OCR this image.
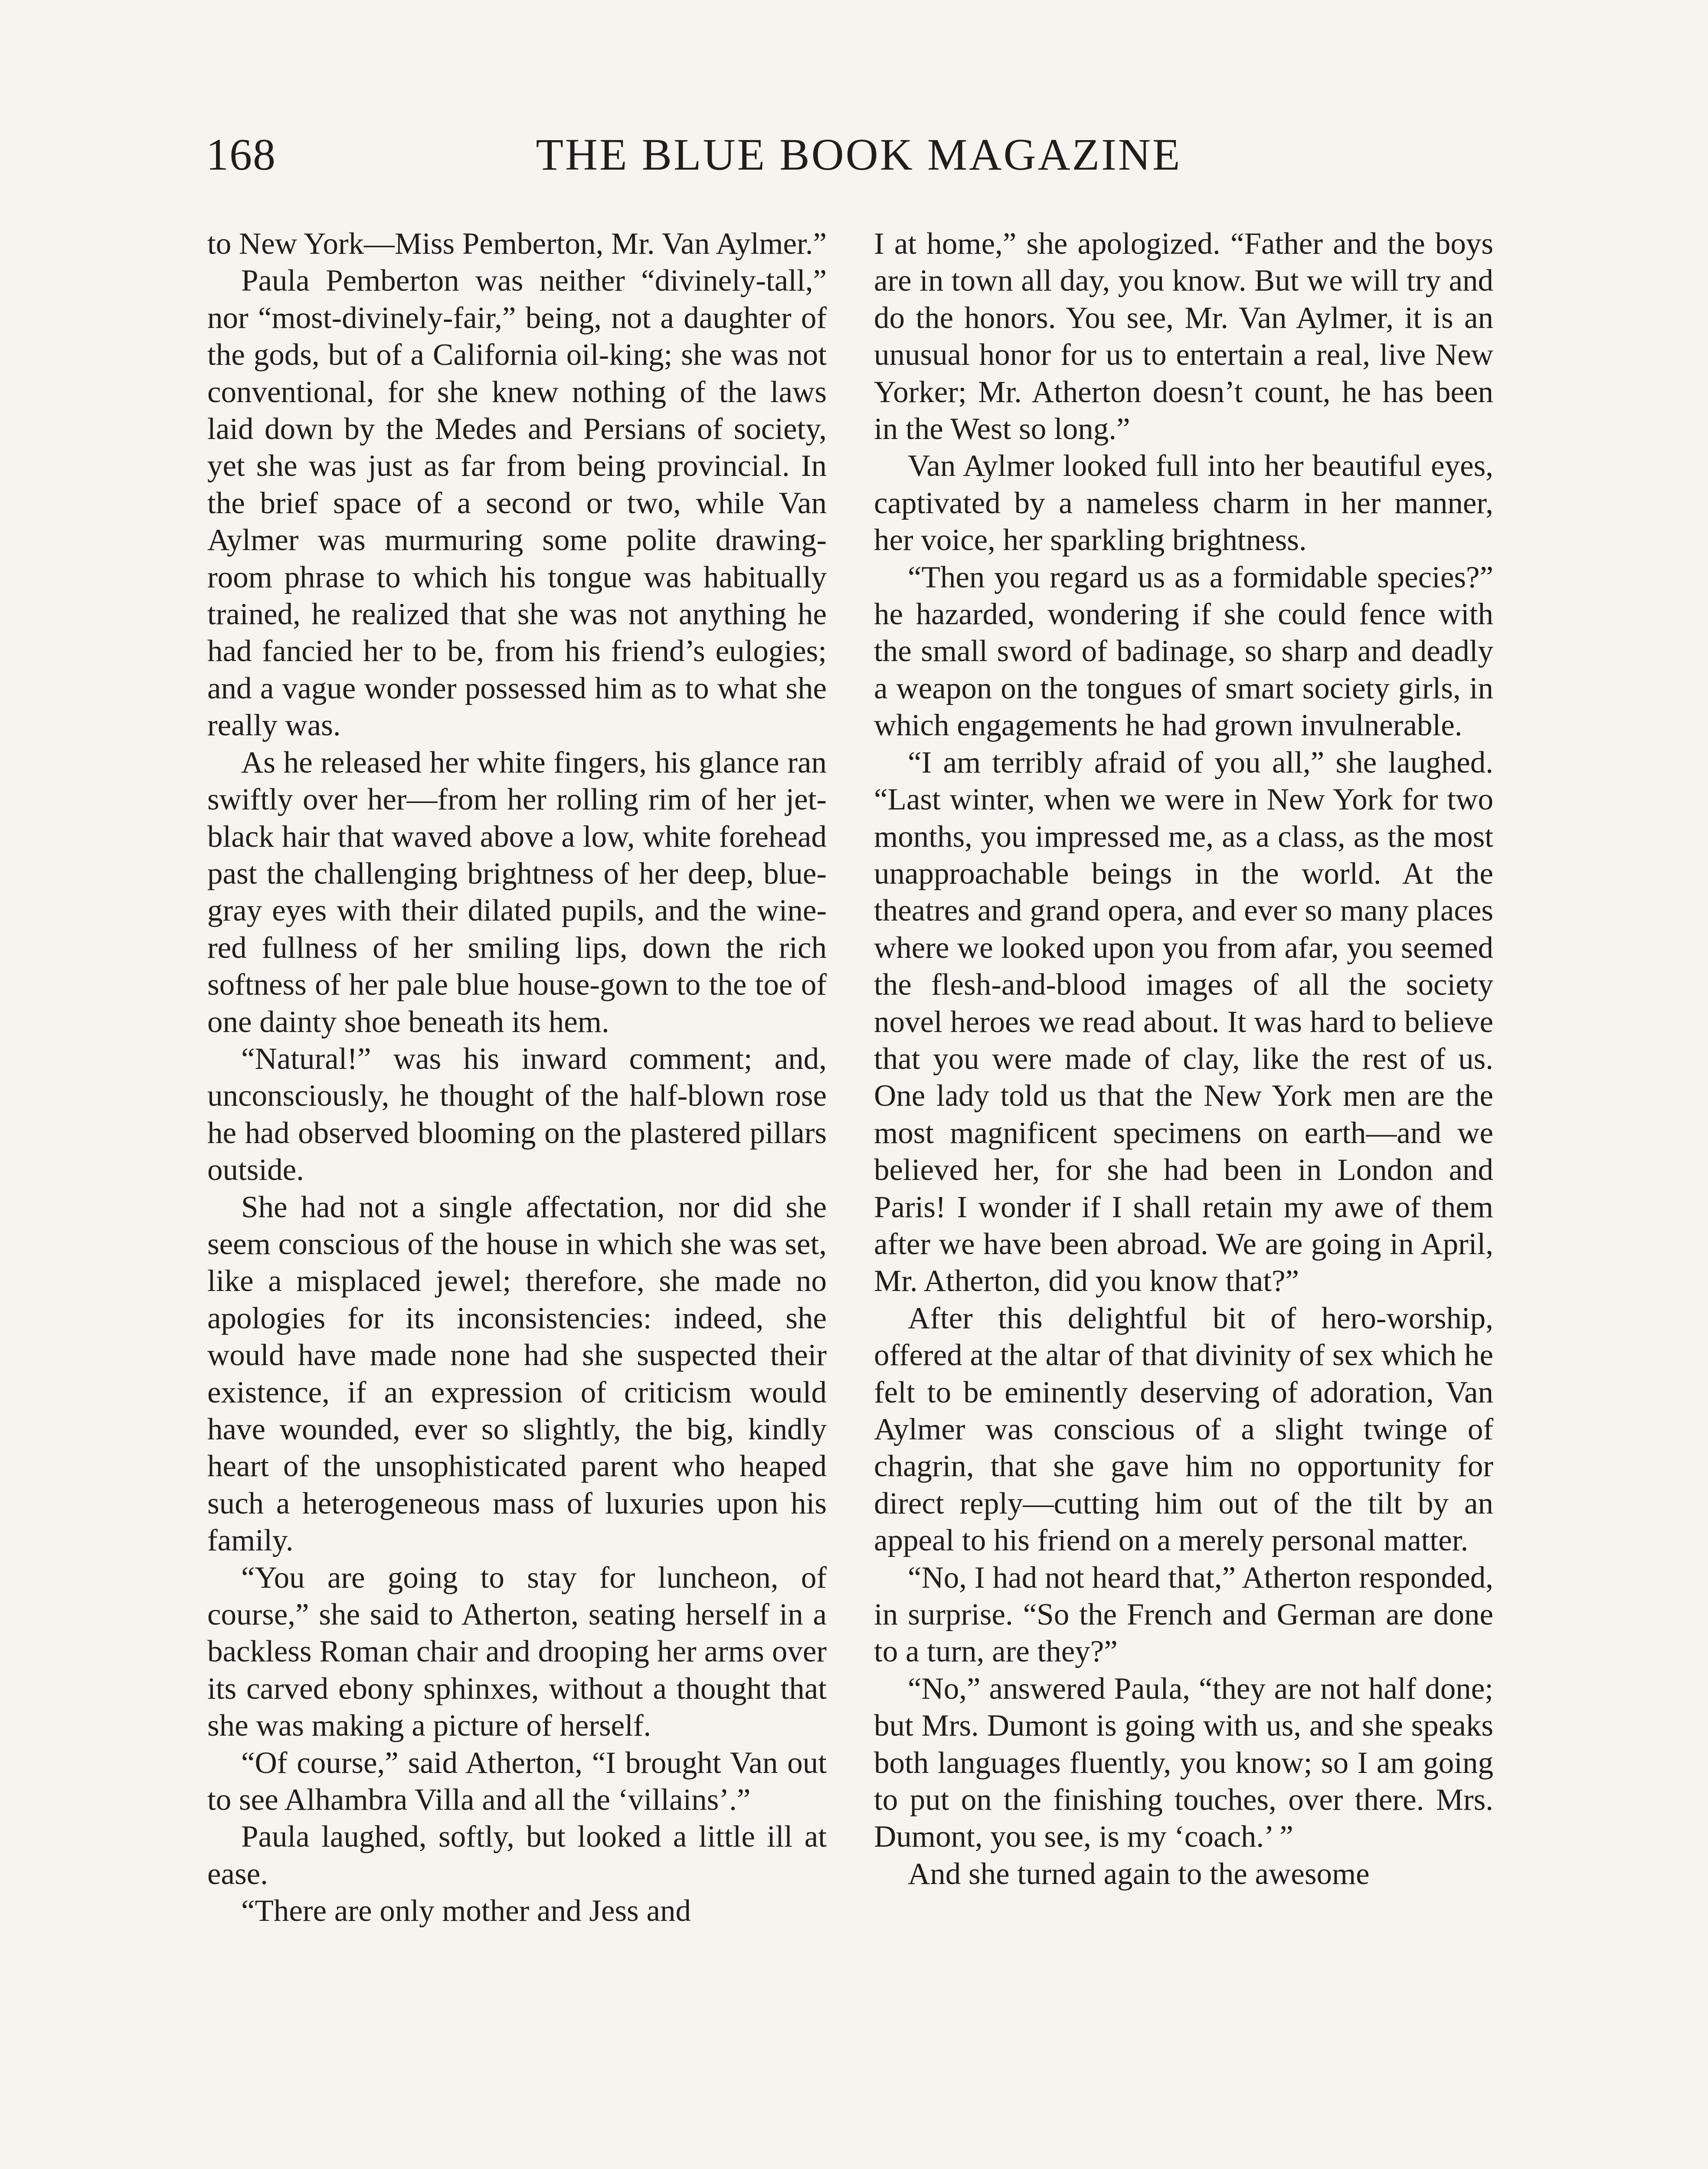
168	THE BLUE BOOK MAGAZINE

to New York—Miss Pemberton, Mr. Van Aylmer.”

Paula Pemberton was neither “divinely-tall,” nor “most-divinely-fair,” being, not a daughter of the gods, but of a California oil-king; she was not conventional, for she knew nothing of the laws laid down by the Medes and Persians of society, yet she was just as far from being provincial. In the brief space of a second or two, while Van Aylmer was murmuring some polite drawing-room phrase to which his tongue was habitually trained, he realized that she was not anything he had fancied her to be, from his friend’s eulogies; and a vague wonder possessed him as to what she really was.

As he released her white fingers, his glance ran swiftly over her—from her rolling rim of her jet-black hair that waved above a low, white forehead past the challenging brightness of her deep, blue-gray eyes with their dilated pupils, and the wine-red fullness of her smiling lips, down the rich softness of her pale blue house-gown to the toe of one dainty shoe beneath its hem.

“Natural!” was his inward comment; and, unconsciously, he thought of the half-blown rose he had observed blooming on the plastered pillars outside.

She had not a single affectation, nor did she seem conscious of the house in which she was set, like a misplaced jewel; therefore, she made no apologies for its inconsistencies: indeed, she would have made none had she suspected their existence, if an expression of criticism would have wounded, ever so slightly, the big, kindly heart of the unsophisticated parent who heaped such a heterogeneous mass of luxuries upon his family.

“You are going to stay for luncheon, of course,” she said to Atherton, seating herself in a backless Roman chair and drooping her arms over its carved ebony sphinxes, without a thought that she was making a picture of herself.

“Of course,” said Atherton, “I brought Van out to see Alhambra Villa and all the ‘villains’.”

Paula laughed, softly, but looked a little ill at ease.

“There are only mother and Jess and

I at home,” she apologized. “Father and the boys are in town all day, you know. But we will try and do the honors. You see, Mr. Van Aylmer, it is an unusual honor for us to entertain a real, live New Yorker; Mr. Atherton doesn’t count, he has been in the West so long.”

Van Aylmer looked full into her beautiful eyes, captivated by a nameless charm in her manner, her voice, her sparkling brightness.

“Then you regard us as a formidable species?” he hazarded, wondering if she could fence with the small sword of badinage, so sharp and deadly a weapon on the tongues of smart society girls, in which engagements he had grown invulnerable.

“I am terribly afraid of you all,” she laughed. “Last winter, when we were in New York for two months, you impressed me, as a class, as the most unapproachable beings in the world. At the theatres and grand opera, and ever so many places where we looked upon you from afar, you seemed the flesh-and-blood images of all the society novel heroes we read about. It was hard to believe that you were made of clay, like the rest of us. One lady told us that the New York men are the most magnificent specimens on earth—and we believed her, for she had been in London and Paris! I wonder if I shall retain my awe of them after we have been abroad. We are going in April, Mr. Atherton, did you know that?”

After this delightful bit of hero-worship, offered at the altar of that divinity of sex which he felt to be eminently deserving of adoration, Van Aylmer was conscious of a slight twinge of chagrin, that she gave him no opportunity for direct reply—cutting him out of the tilt by an appeal to his friend on a merely personal matter.

“No, I had not heard that,” Atherton responded, in surprise. “So the French and German are done to a turn, are they?”

“No,” answered Paula, “they are not half done; but Mrs. Dumont is going with us, and she speaks both languages fluently, you know; so I am going to put on the finishing touches, over there. Mrs. Dumont, you see, is my ‘coach.’ ”

And she turned again to the awesome
